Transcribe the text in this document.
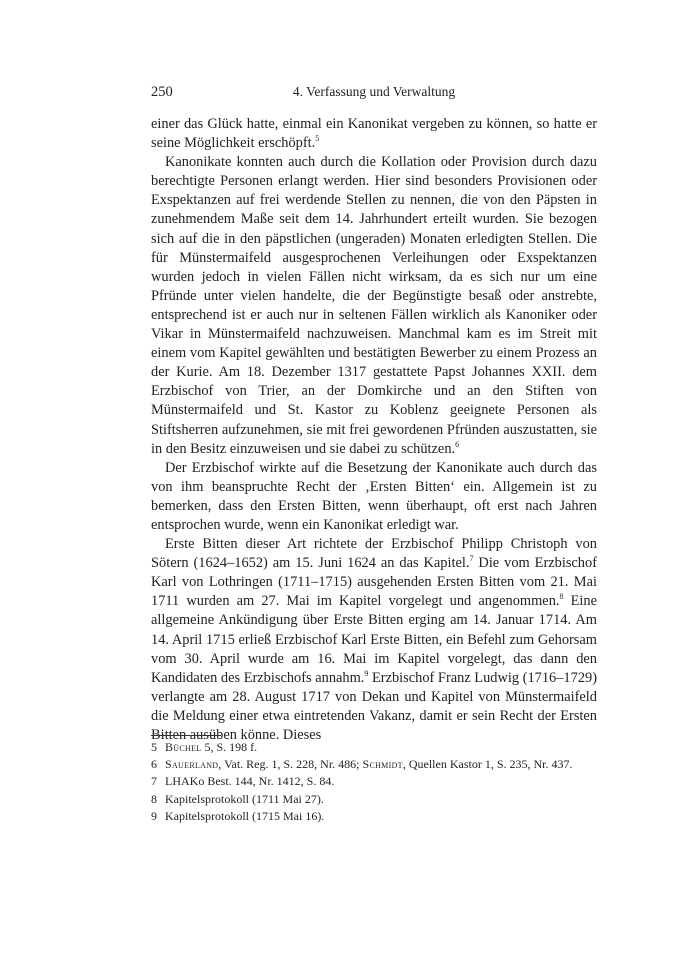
250	4. Verfassung und Verwaltung

einer das Glück hatte, einmal ein Kanonikat vergeben zu können, so hatte er seine Möglichkeit erschöpft.$^5$

Kanonikate konnten auch durch die Kollation oder Provision durch dazu berechtigte Personen erlangt werden. Hier sind besonders Provisionen oder Exspektanzen auf frei werdende Stellen zu nennen, die von den Päpsten in zunehmendem Maße seit dem 14. Jahrhundert erteilt wurden. Sie bezogen sich auf die in den päpstlichen (ungeraden) Monaten erledigten Stellen. Die für Münstermaifeld ausgesprochenen Verleihungen oder Exspektanzen wurden jedoch in vielen Fällen nicht wirksam, da es sich nur um eine Pfründe unter vielen handelte, die der Begünstigte besaß oder anstrebte, entsprechend ist er auch nur in seltenen Fällen wirklich als Kanoniker oder Vikar in Münstermaifeld nachzuweisen. Manchmal kam es im Streit mit einem vom Kapitel gewählten und bestätigten Bewerber zu einem Prozess an der Kurie. Am 18. Dezember 1317 gestattete Papst Johannes XXII. dem Erzbischof von Trier, an der Domkirche und an den Stiften von Münstermaifeld und St. Kastor zu Koblenz geeignete Personen als Stiftsherren aufzunehmen, sie mit frei gewordenen Pfründen auszustatten, sie in den Besitz einzuweisen und sie dabei zu schützen.$^6$

Der Erzbischof wirkte auf die Besetzung der Kanonikate auch durch das von ihm beanspruchte Recht der ‚Ersten Bitten‘ ein. Allgemein ist zu bemerken, dass den Ersten Bitten, wenn überhaupt, oft erst nach Jahren entsprochen wurde, wenn ein Kanonikat erledigt war.

Erste Bitten dieser Art richtete der Erzbischof Philipp Christoph von Sötern (1624–1652) am 15. Juni 1624 an das Kapitel.$^7$ Die vom Erzbischof Karl von Lothringen (1711–1715) ausgehenden Ersten Bitten vom 21. Mai 1711 wurden am 27. Mai im Kapitel vorgelegt und angenommen.$^8$ Eine allgemeine Ankündigung über Erste Bitten erging am 14. Januar 1714. Am 14. April 1715 erließ Erzbischof Karl Erste Bitten, ein Befehl zum Gehorsam vom 30. April wurde am 16. Mai im Kapitel vorgelegt, das dann den Kandidaten des Erzbischofs annahm.$^9$ Erzbischof Franz Ludwig (1716–1729) verlangte am 28. August 1717 von Dekan und Kapitel von Münstermaifeld die Meldung einer etwa eintretenden Vakanz, damit er sein Recht der Ersten Bitten ausüben könne. Dieses

5 Büchel 5, S. 198 f.
6 Sauerland, Vat. Reg. 1, S. 228, Nr. 486; Schmidt, Quellen Kastor 1, S. 235, Nr. 437.
7 LHAKo Best. 144, Nr. 1412, S. 84.
8 Kapitelsprotokoll (1711 Mai 27).
9 Kapitelsprotokoll (1715 Mai 16).
